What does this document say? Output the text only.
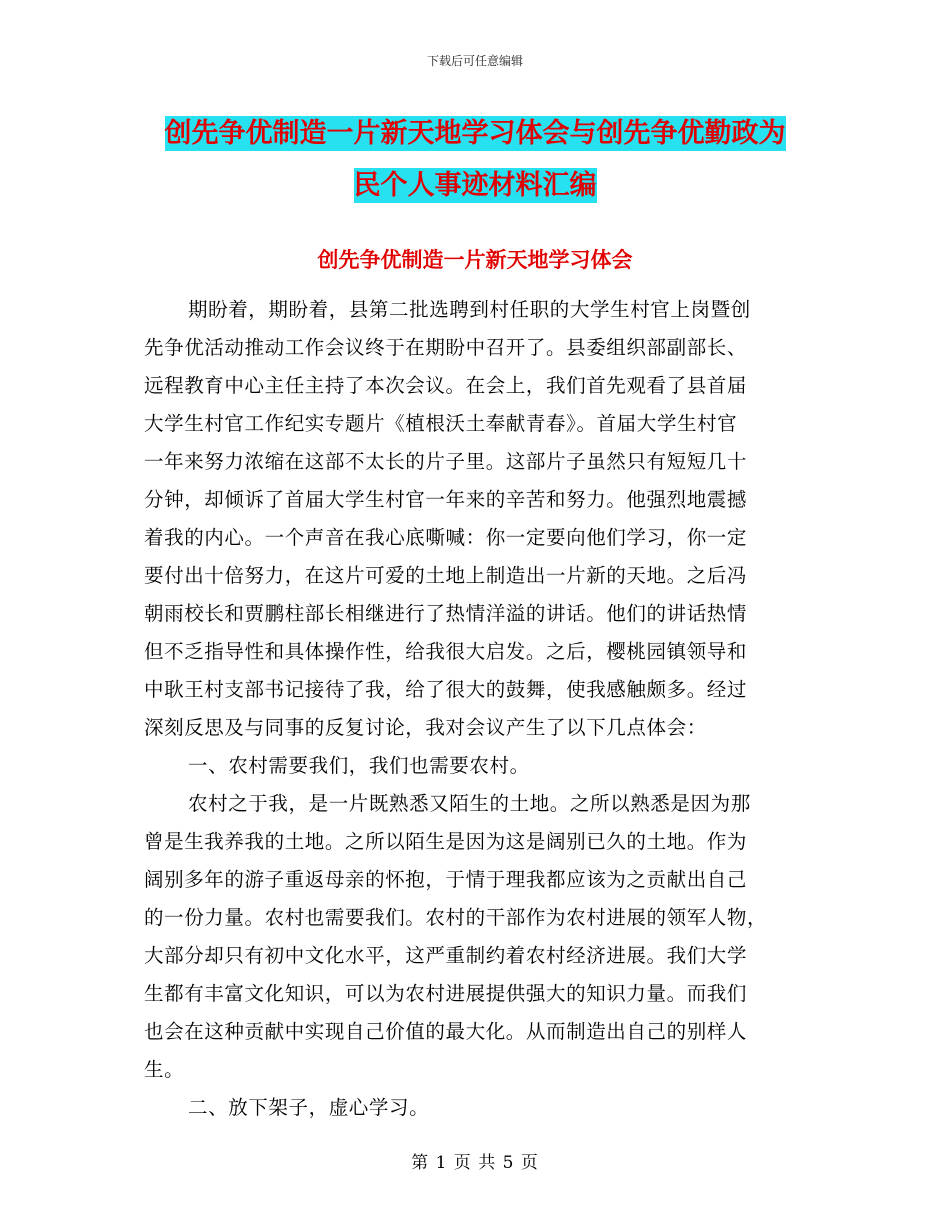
下载后可任意编辑
创先争优制造一片新天地学习体会与创先争优勤政为
民个人事迹材料汇编
创先争优制造一片新天地学习体会
期盼着，期盼着，县第二批选聘到村任职的大学生村官上岗暨创
先争优活动推动工作会议终于在期盼中召开了。县委组织部副部长、
远程教育中心主任主持了本次会议。在会上，我们首先观看了县首届
大学生村官工作纪实专题片《植根沃土奉献青春》。首届大学生村官
一年来努力浓缩在这部不太长的片子里。这部片子虽然只有短短几十
分钟，却倾诉了首届大学生村官一年来的辛苦和努力。他强烈地震撼
着我的内心。一个声音在我心底嘶喊：你一定要向他们学习，你一定
要付出十倍努力，在这片可爱的土地上制造出一片新的天地。之后冯
朝雨校长和贾鹏柱部长相继进行了热情洋溢的讲话。他们的讲话热情
但不乏指导性和具体操作性，给我很大启发。之后，樱桃园镇领导和
中耿王村支部书记接待了我，给了很大的鼓舞，使我感触颇多。经过
深刻反思及与同事的反复讨论，我对会议产生了以下几点体会：
一、农村需要我们，我们也需要农村。
农村之于我，是一片既熟悉又陌生的土地。之所以熟悉是因为那
曾是生我养我的土地。之所以陌生是因为这是阔别已久的土地。作为
阔别多年的游子重返母亲的怀抱，于情于理我都应该为之贡献出自己
的一份力量。农村也需要我们。农村的干部作为农村进展的领军人物，
大部分却只有初中文化水平，这严重制约着农村经济进展。我们大学
生都有丰富文化知识，可以为农村进展提供强大的知识力量。而我们
也会在这种贡献中实现自己价值的最大化。从而制造出自己的别样人
生。
二、放下架子，虚心学习。
第 1 页 共 5 页
